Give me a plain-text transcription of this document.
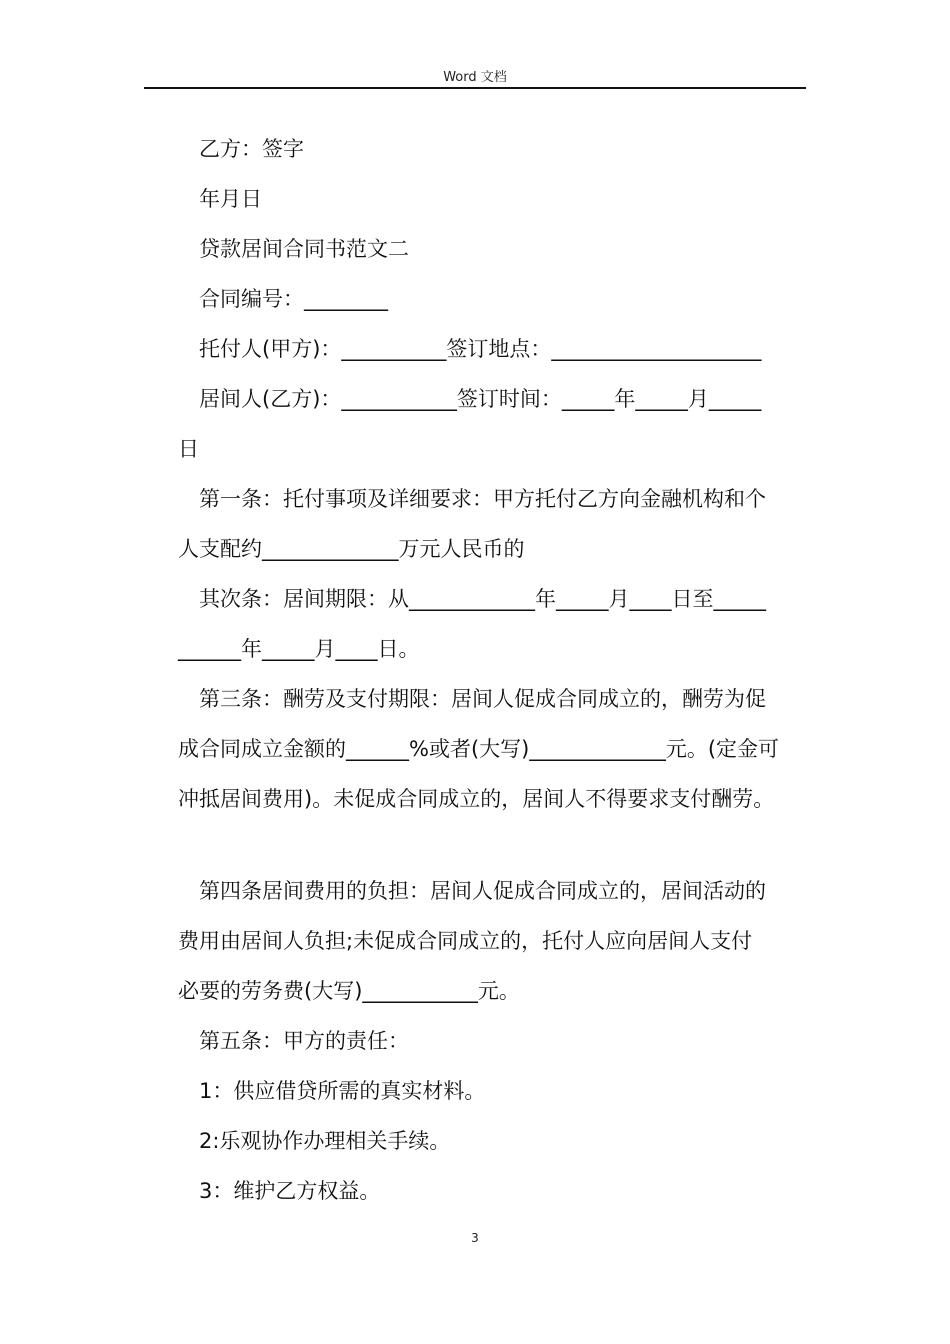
Word 文档
乙方：签字
年月日
贷款居间合同书范文二
合同编号：________
托付人(甲方)：__________签订地点：____________________
居间人(乙方)：___________签订时间：_____年_____月_____
日
第一条：托付事项及详细要求：甲方托付乙方向金融机构和个
人支配约_____________万元人民币的
其次条：居间期限：从____________年_____月____日至_____
______年_____月____日。
第三条：酬劳及支付期限：居间人促成合同成立的，酬劳为促
成合同成立金额的______%或者(大写)_____________元。(定金可
冲抵居间费用)。未促成合同成立的，居间人不得要求支付酬劳。
第四条居间费用的负担：居间人促成合同成立的，居间活动的
费用由居间人负担;未促成合同成立的，托付人应向居间人支付
必要的劳务费(大写)___________元。
第五条：甲方的责任：
1：供应借贷所需的真实材料。
2:乐观协作办理相关手续。
3：维护乙方权益。
3
